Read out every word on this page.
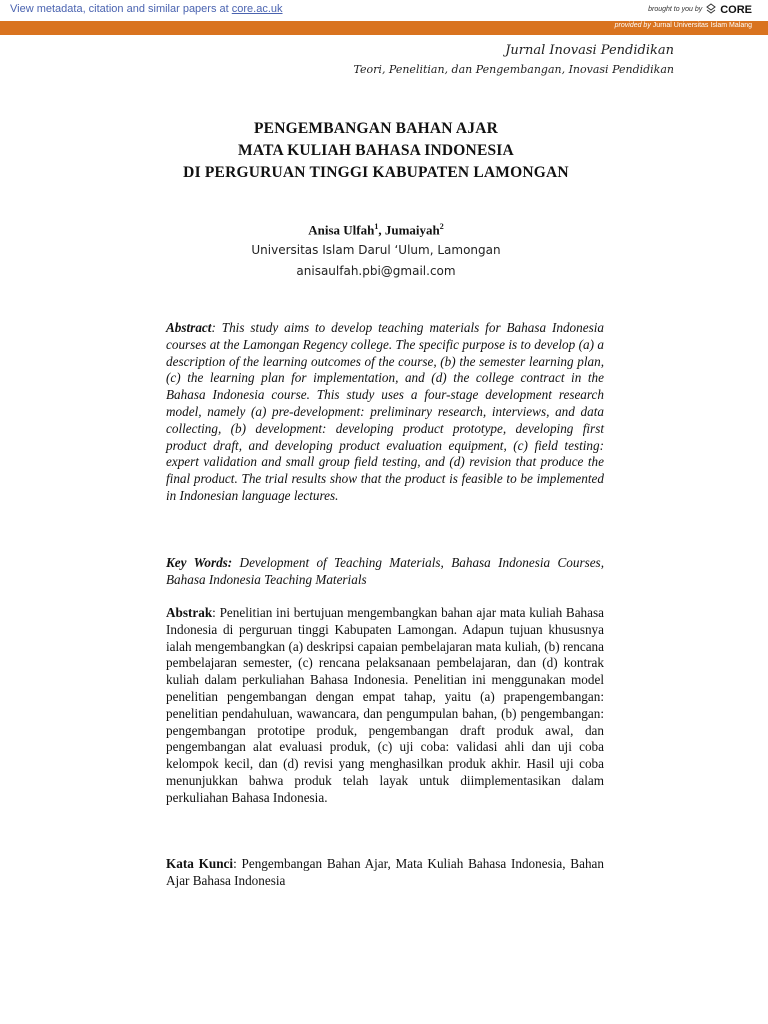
View metadata, citation and similar papers at core.ac.uk	brought to you by CORE
provided by Jurnal Universitas Islam Malang
Jurnal Inovasi Pendidikan
Teori, Penelitian, dan Pengembangan, Inovasi Pendidikan
PENGEMBANGAN BAHAN AJAR
MATA KULIAH BAHASA INDONESIA
DI PERGURUAN TINGGI KABUPATEN LAMONGAN
Anisa Ulfah$^1$, Jumaiyah$^2$
Universitas Islam Darul ‘Ulum, Lamongan
anisaulfah.pbi@gmail.com
Abstract: This study aims to develop teaching materials for Bahasa Indonesia courses at the Lamongan Regency college. The specific purpose is to develop (a) a description of the learning outcomes of the course, (b) the semester learning plan, (c) the learning plan for implementation, and (d) the college contract in the Bahasa Indonesia course. This study uses a four-stage development research model, namely (a) pre-development: preliminary research, interviews, and data collecting, (b) development: developing product prototype, developing first product draft, and developing product evaluation equipment, (c) field testing: expert validation and small group field testing, and (d) revision that produce the final product. The trial results show that the product is feasible to be implemented in Indonesian language lectures.
Key Words: Development of Teaching Materials, Bahasa Indonesia Courses, Bahasa Indonesia Teaching Materials
Abstrak: Penelitian ini bertujuan mengembangkan bahan ajar mata kuliah Bahasa Indonesia di perguruan tinggi Kabupaten Lamongan. Adapun tujuan khususnya ialah mengembangkan (a) deskripsi capaian pembelajaran mata kuliah, (b) rencana pembelajaran semester, (c) rencana pelaksanaan pembelajaran, dan (d) kontrak kuliah dalam perkuliahan Bahasa Indonesia. Penelitian ini menggunakan model penelitian pengembangan dengan empat tahap, yaitu (a) prapengembangan: penelitian pendahuluan, wawancara, dan pengumpulan bahan, (b) pengembangan: pengembangan prototipe produk, pengembangan draft produk awal, dan pengembangan alat evaluasi produk, (c) uji coba: validasi ahli dan uji coba kelompok kecil, dan (d) revisi yang menghasilkan produk akhir. Hasil uji coba menunjukkan bahwa produk telah layak untuk diimplementasikan dalam perkuliahan Bahasa Indonesia.
Kata Kunci: Pengembangan Bahan Ajar, Mata Kuliah Bahasa Indonesia, Bahan Ajar Bahasa Indonesia
